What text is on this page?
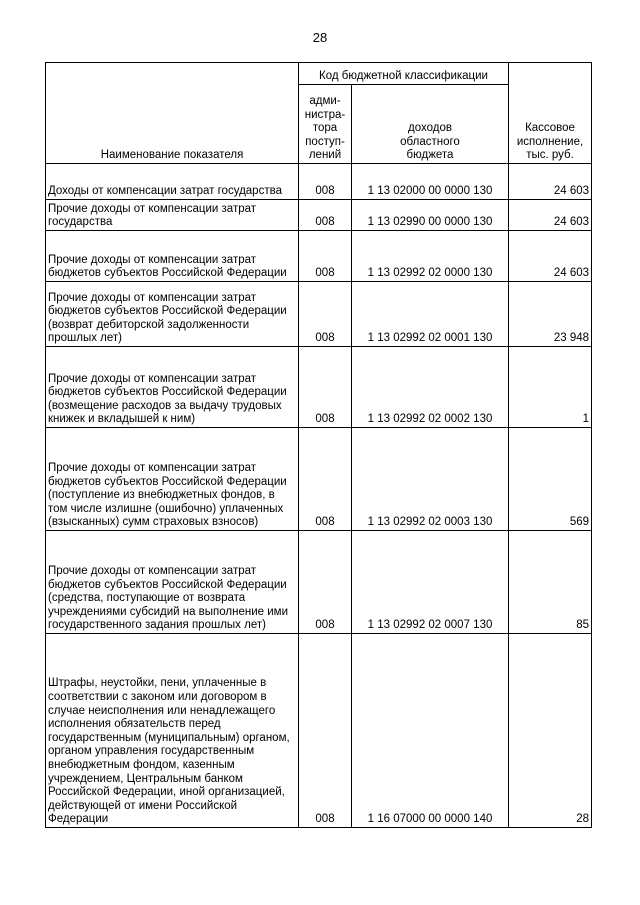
28
Наименование показателя	Код бюджетной классификации		Кассовое
исполнение,
тыс. руб.
	адми-
нистра-
тора
поступ-
лений	доходов
областного
бюджета	
Доходы от компенсации затрат государства	008	1 13 02000 00 0000 130	24 603
Прочие доходы от компенсации затрат государства	008	1 13 02990 00 0000 130	24 603
Прочие доходы от компенсации затрат бюджетов субъектов Российской Федерации	008	1 13 02992 02 0000 130	24 603
Прочие доходы от компенсации затрат бюджетов субъектов Российской Федерации (возврат дебиторской задолженности прошлых лет)	008	1 13 02992 02 0001 130	23 948
Прочие доходы от компенсации затрат бюджетов субъектов Российской Федерации (возмещение расходов за выдачу трудовых книжек и вкладышей к ним)	008	1 13 02992 02 0002 130	1
Прочие доходы от компенсации затрат бюджетов субъектов Российской Федерации (поступление из внебюджетных фондов, в том числе излишне (ошибочно) уплаченных (взысканных) сумм страховых взносов)	008	1 13 02992 02 0003 130	569
Прочие доходы от компенсации затрат бюджетов субъектов Российской Федерации (средства, поступающие от возврата учреждениями субсидий на выполнение ими государственного задания прошлых лет)	008	1 13 02992 02 0007 130	85
Штрафы, неустойки, пени, уплаченные в соответствии с законом или договором в случае неисполнения или ненадлежащего исполнения обязательств перед государственным (муниципальным) органом, органом управления государственным внебюджетным фондом, казенным учреждением, Центральным банком Российской Федерации, иной организацией, действующей от имени Российской Федерации	008	1 16 07000 00 0000 140	28
